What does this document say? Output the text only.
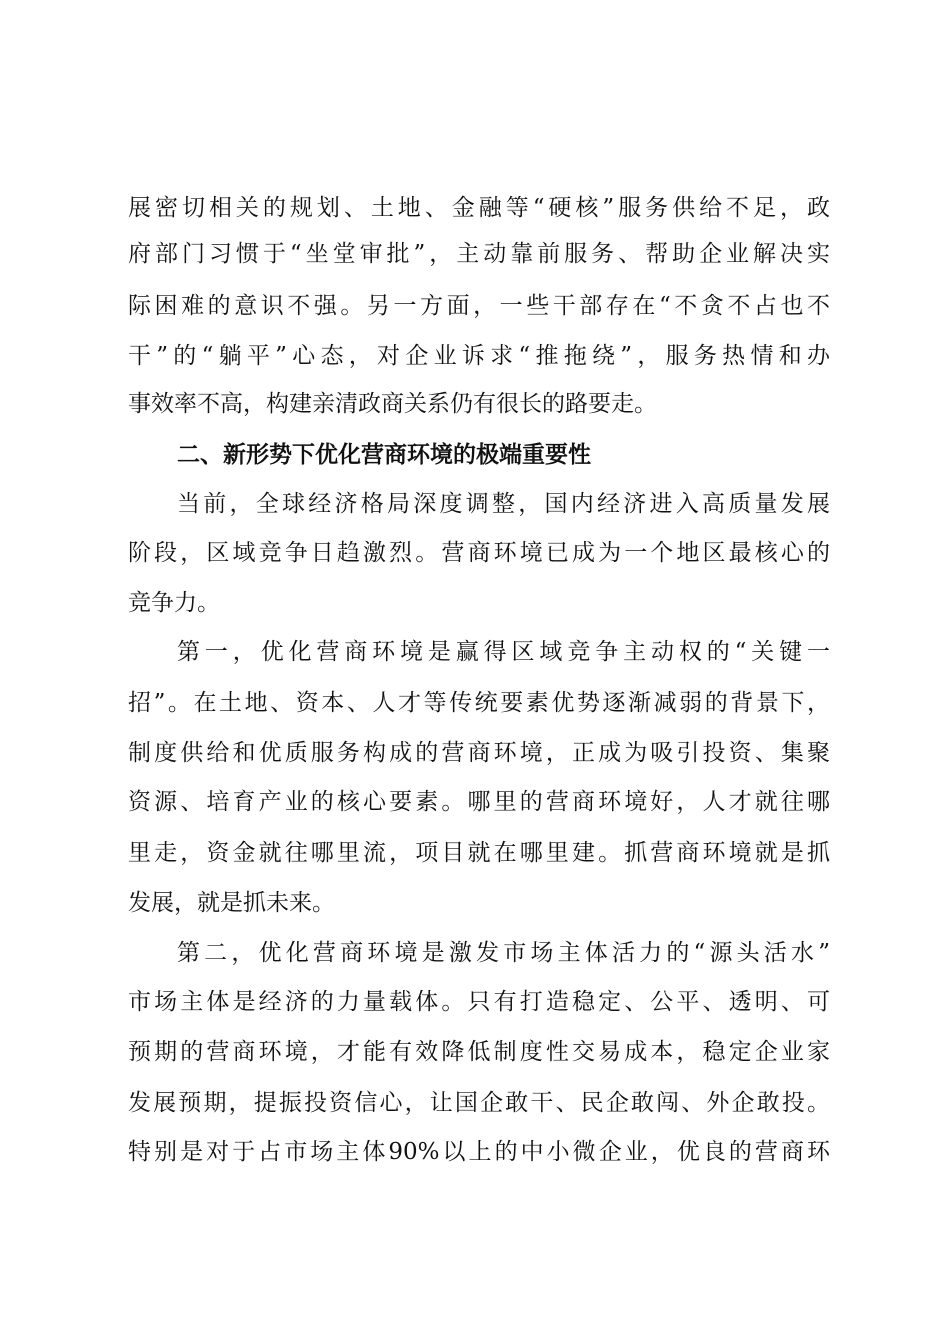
展密切相关的规划、土地、金融等“硬核”服务供给不足，政
府部门习惯于“坐堂审批”，主动靠前服务、帮助企业解决实
际困难的意识不强。另一方面，一些干部存在“不贪不占也不
干”的“躺平”心态，对企业诉求“推拖绕”，服务热情和办
事效率不高，构建亲清政商关系仍有很长的路要走。
二、新形势下优化营商环境的极端重要性
当前，全球经济格局深度调整，国内经济进入高质量发展
阶段，区域竞争日趋激烈。营商环境已成为一个地区最核心的
竞争力。
第一，优化营商环境是赢得区域竞争主动权的“关键一
招”。在土地、资本、人才等传统要素优势逐渐减弱的背景下，
制度供给和优质服务构成的营商环境，正成为吸引投资、集聚
资源、培育产业的核心要素。哪里的营商环境好，人才就往哪
里走，资金就往哪里流，项目就在哪里建。抓营商环境就是抓
发展，就是抓未来。
第二，优化营商环境是激发市场主体活力的“源头活水”
市场主体是经济的力量载体。只有打造稳定、公平、透明、可
预期的营商环境，才能有效降低制度性交易成本，稳定企业家
发展预期，提振投资信心，让国企敢干、民企敢闯、外企敢投。
特别是对于占市场主体90%以上的中小微企业，优良的营商环
